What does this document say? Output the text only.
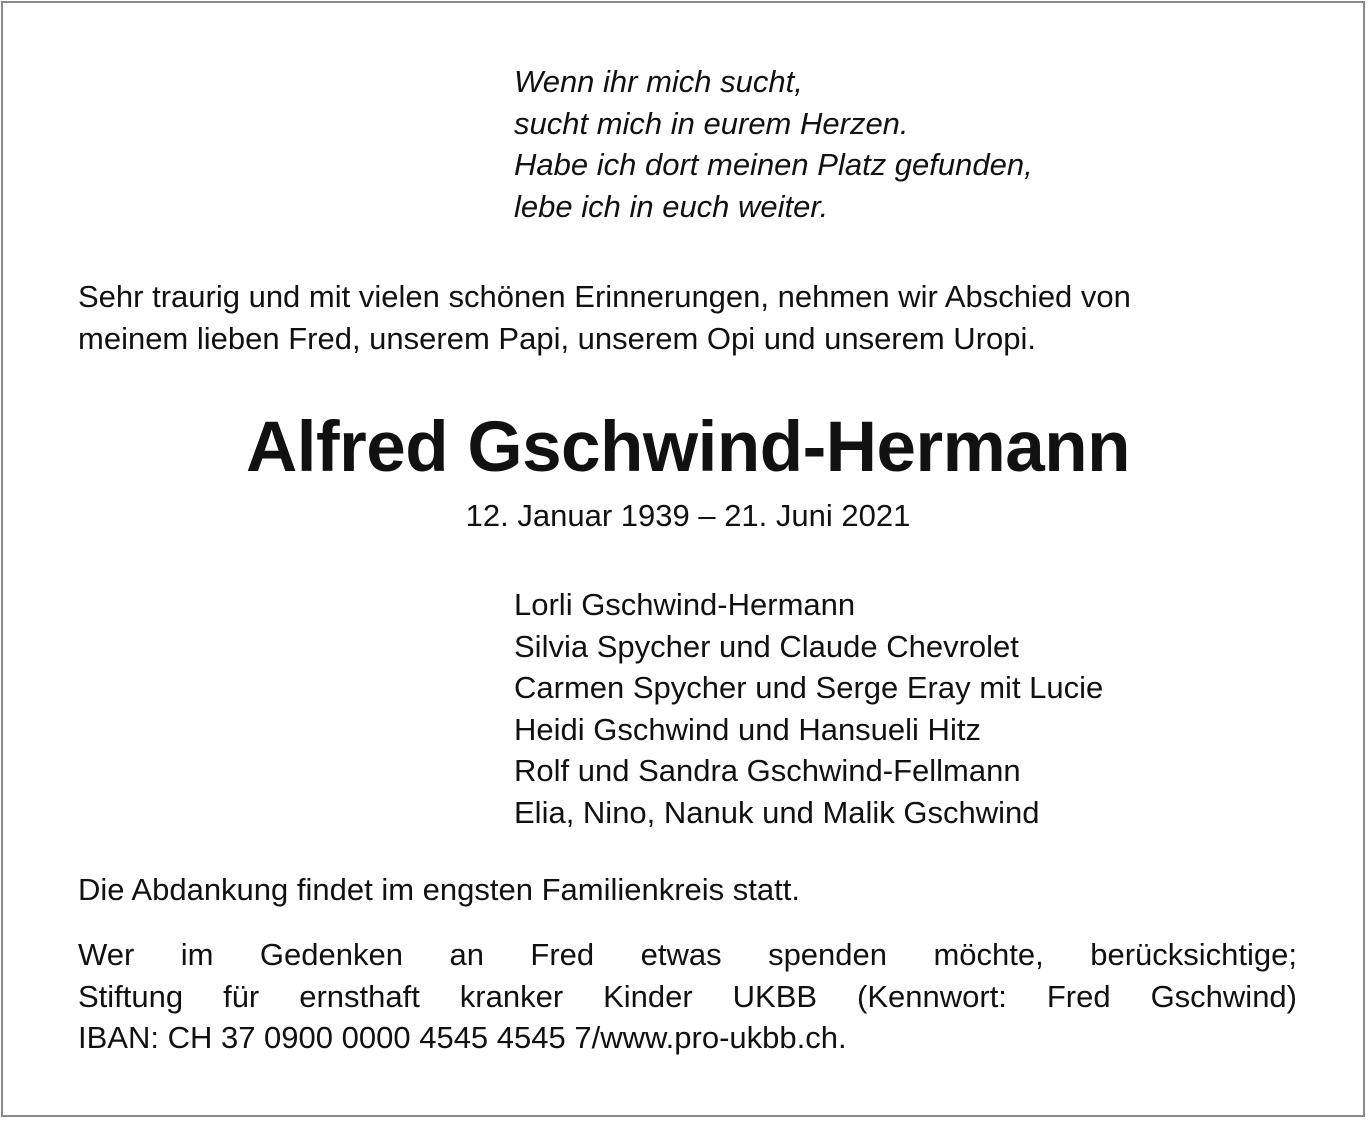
Wenn ihr mich sucht,
sucht mich in eurem Herzen.
Habe ich dort meinen Platz gefunden,
lebe ich in euch weiter.
Sehr traurig und mit vielen schönen Erinnerungen, nehmen wir Abschied von
meinem lieben Fred, unserem Papi, unserem Opi und unserem Uropi.
Alfred Gschwind-Hermann
12. Januar 1939 – 21. Juni 2021
Lorli Gschwind-Hermann
Silvia Spycher und Claude Chevrolet
Carmen Spycher und Serge Eray mit Lucie
Heidi Gschwind und Hansueli Hitz
Rolf und Sandra Gschwind-Fellmann
Elia, Nino, Nanuk und Malik Gschwind
Die Abdankung findet im engsten Familienkreis statt.
Wer im Gedenken an Fred etwas spenden möchte, berücksichtige;
Stiftung für ernsthaft kranker Kinder UKBB (Kennwort: Fred Gschwind)
IBAN: CH 37 0900 0000 4545 4545 7/www.pro-ukbb.ch.
